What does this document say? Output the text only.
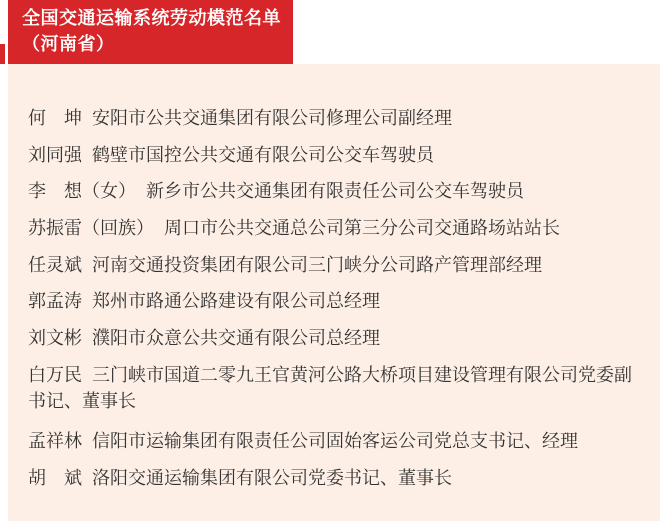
全国交通运输系统劳动模范名单
（河南省）
何　坤 安阳市公共交通集团有限公司修理公司副经理
刘同强 鹤壁市国控公共交通有限公司公交车驾驶员
李　想（女） 新乡市公共交通集团有限责任公司公交车驾驶员
苏振雷（回族） 周口市公共交通总公司第三分公司交通路场站站长
任灵斌 河南交通投资集团有限公司三门峡分公司路产管理部经理
郭孟涛 郑州市路通公路建设有限公司总经理
刘文彬 濮阳市众意公共交通有限公司总经理
白万民 三门峡市国道二零九王官黄河公路大桥项目建设管理有限公司党委副书记、董事长
孟祥林 信阳市运输集团有限责任公司固始客运公司党总支书记、经理
胡　斌 洛阳交通运输集团有限公司党委书记、董事长
